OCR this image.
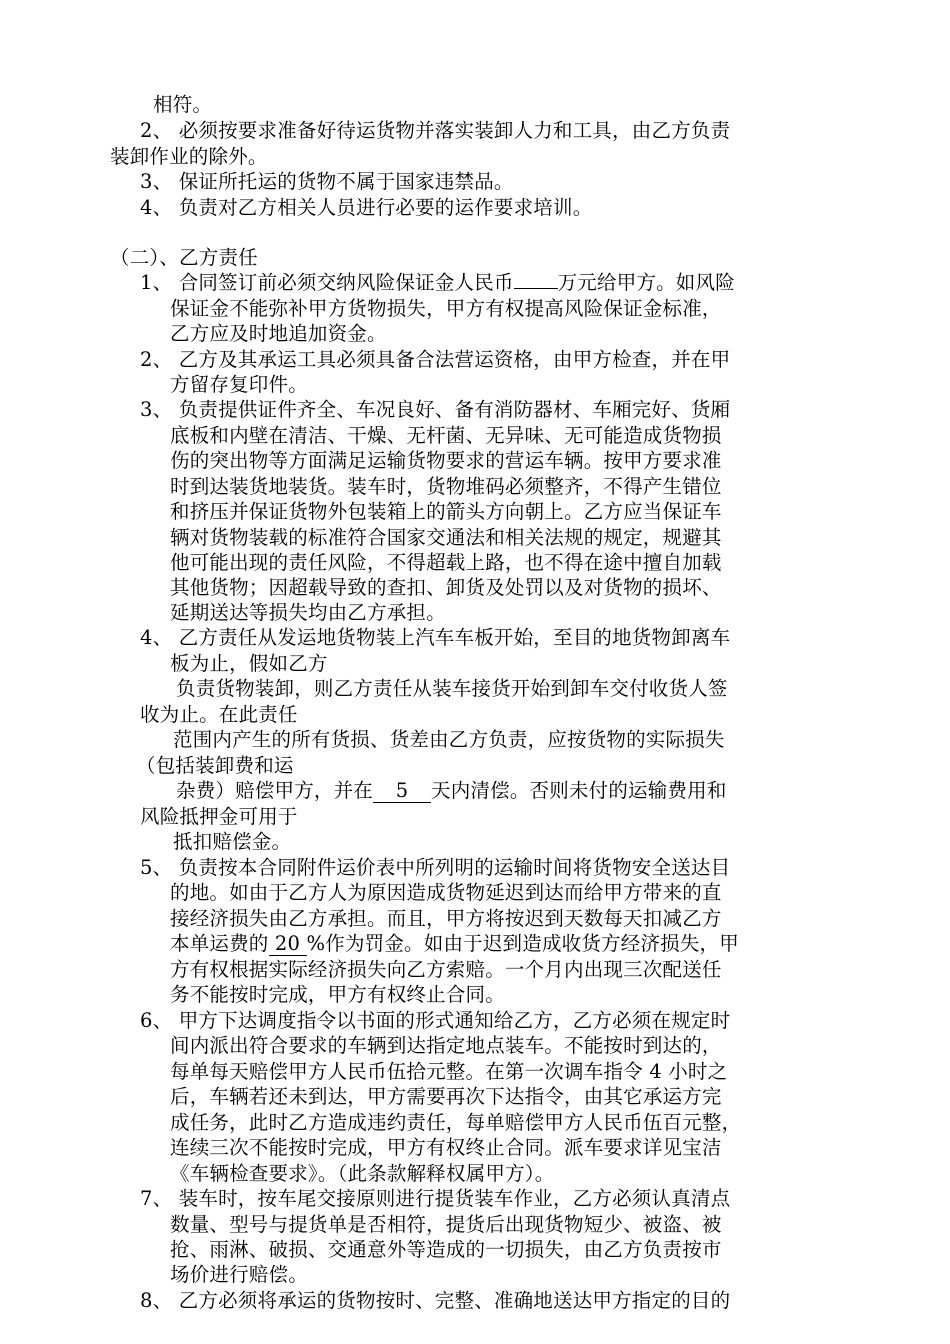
相符。
2、 必须按要求准备好待运货物并落实装卸人力和工具，由乙方负责
装卸作业的除外。
3、 保证所托运的货物不属于国家违禁品。
4、 负责对乙方相关人员进行必要的运作要求培训。
（二）、乙方责任
1、 合同签订前必须交纳风险保证金人民币 万元给甲方。如风险
保证金不能弥补甲方货物损失，甲方有权提高风险保证金标准，
乙方应及时地追加资金。
2、 乙方及其承运工具必须具备合法营运资格，由甲方检查，并在甲
方留存复印件。
3、 负责提供证件齐全、车况良好、备有消防器材、车厢完好、货厢
底板和内壁在清洁、干燥、无杆菌、无异味、无可能造成货物损
伤的突出物等方面满足运输货物要求的营运车辆。按甲方要求准
时到达装货地装货。装车时，货物堆码必须整齐，不得产生错位
和挤压并保证货物外包装箱上的箭头方向朝上。乙方应当保证车
辆对货物装载的标准符合国家交通法和相关法规的规定，规避其
他可能出现的责任风险，不得超载上路，也不得在途中擅自加载
其他货物；因超载导致的查扣、卸货及处罚以及对货物的损坏、
延期送达等损失均由乙方承担。
4、 乙方责任从发运地货物装上汽车车板开始，至目的地货物卸离车
板为止，假如乙方
负责货物装卸，则乙方责任从装车接货开始到卸车交付收货人签
收为止。在此责任
范围内产生的所有货损、货差由乙方负责，应按货物的实际损失
（包括装卸费和运
杂费）赔偿甲方，并在 5 天内清偿。否则未付的运输费用和
风险抵押金可用于
抵扣赔偿金。
5、 负责按本合同附件运价表中所列明的运输时间将货物安全送达目
的地。如由于乙方人为原因造成货物延迟到达而给甲方带来的直
接经济损失由乙方承担。而且，甲方将按迟到天数每天扣减乙方
本单运费的 20 %作为罚金。如由于迟到造成收货方经济损失，甲
方有权根据实际经济损失向乙方索赔。一个月内出现三次配送任
务不能按时完成，甲方有权终止合同。
6、 甲方下达调度指令以书面的形式通知给乙方，乙方必须在规定时
间内派出符合要求的车辆到达指定地点装车。不能按时到达的，
每单每天赔偿甲方人民币伍拾元整。在第一次调车指令 4 小时之
后，车辆若还未到达，甲方需要再次下达指令，由其它承运方完
成任务，此时乙方造成违约责任，每单赔偿甲方人民币伍百元整，
连续三次不能按时完成，甲方有权终止合同。派车要求详见宝洁
《车辆检查要求》。（此条款解释权属甲方）。
7、 装车时，按车尾交接原则进行提货装车作业，乙方必须认真清点
数量、型号与提货单是否相符，提货后出现货物短少、被盗、被
抢、雨淋、破损、交通意外等造成的一切损失，由乙方负责按市
场价进行赔偿。
8、 乙方必须将承运的货物按时、完整、准确地送达甲方指定的目的
